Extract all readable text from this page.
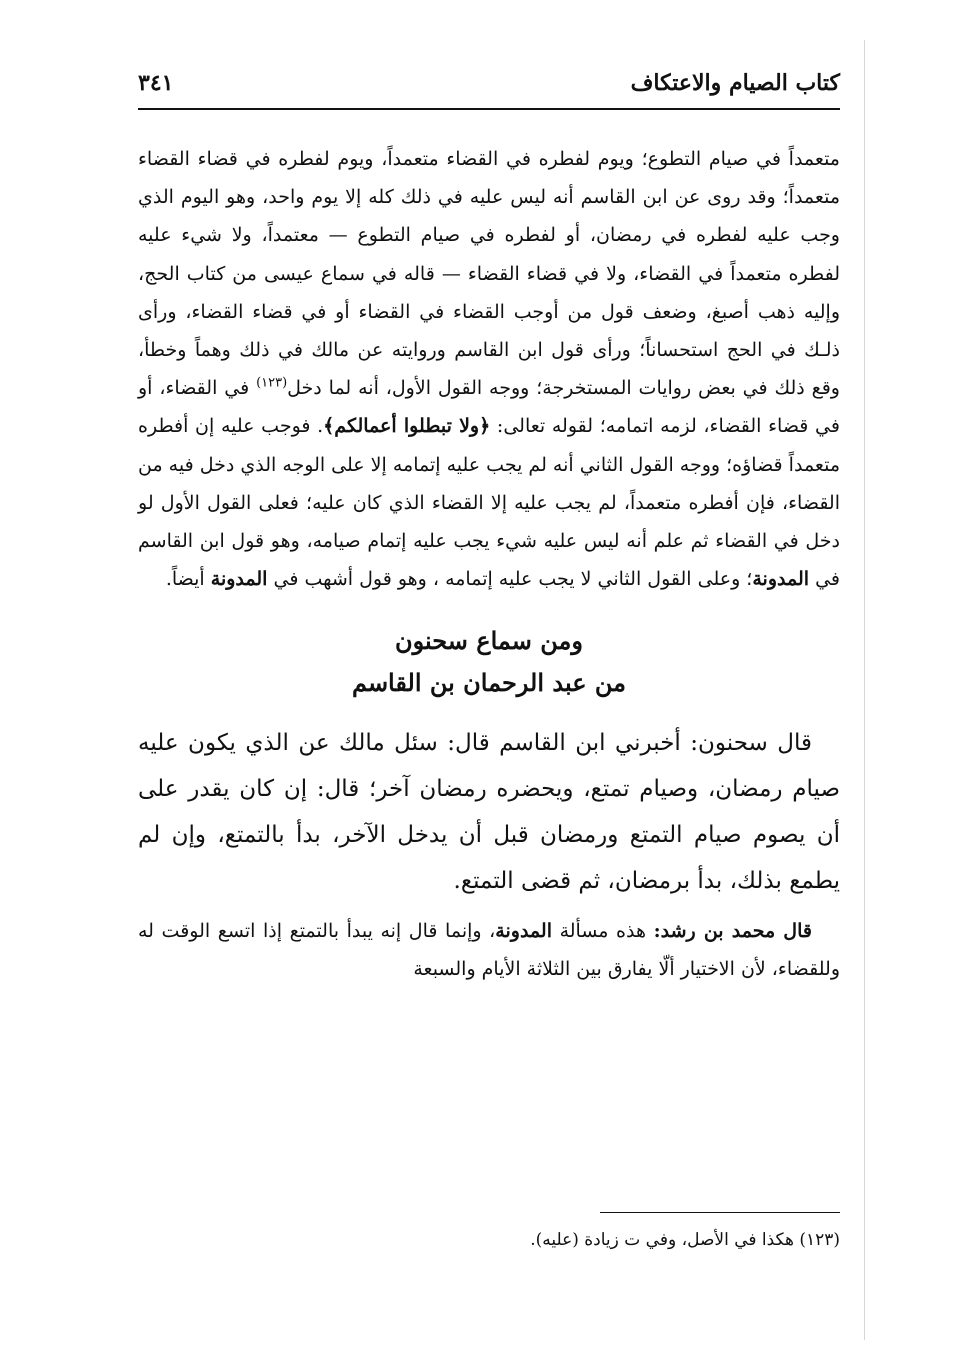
كتاب الصيام والاعتكاف
٣٤١

متعمداً في صيام التطوع؛ ويوم لفطره في القضاء متعمداً، ويوم لفطره في قضاء القضاء متعمداً؛ وقد روى عن ابن القاسم أنه ليس عليه في ذلك كله إلا يوم واحد، وهو اليوم الذي وجب عليه لفطره في رمضان، أو لفطره في صيام التطوع — معتمداً، ولا شيء عليه لفطره متعمداً في القضاء، ولا في قضاء القضاء — قاله في سماع عيسى من كتاب الحج، وإليه ذهب أصبغ، وضعف قول من أوجب القضاء في القضاء أو في قضاء القضاء، ورأى ذلـك في الحج استحساناً؛ ورأى قول ابن القاسم وروايته عن مالك في ذلك وهماً وخطأ، وقع ذلك في بعض روايات المستخرجة؛ ووجه القول الأول، أنه لما دخل$^{(١٢٣)}$ في القضاء، أو في قضاء القضاء، لزمه اتمامه؛ لقوله تعالى: ﴿ولا تبطلوا أعمالكم﴾. فوجب عليه إن أفطره متعمداً قضاؤه؛ ووجه القول الثاني أنه لم يجب عليه إتمامه إلا على الوجه الذي دخل فيه من القضاء، فإن أفطره متعمداً، لم يجب عليه إلا القضاء الذي كان عليه؛ فعلى القول الأول لو دخل في القضاء ثم علم أنه ليس عليه شيء يجب عليه إتمام صيامه، وهو قول ابن القاسم في المدونة؛ وعلى القول الثاني لا يجب عليه إتمامه ، وهو قول أشهب في المدونة أيضاً.

ومن سماع سحنون
من عبد الرحمان بن القاسم

قال سحنون: أخبرني ابن القاسم قال: سئل مالك عن الذي يكون عليه صيام رمضان، وصيام تمتع، ويحضره رمضان آخر؛ قال: إن كان يقدر على أن يصوم صيام التمتع ورمضان قبل أن يدخل الآخر، بدأ بالتمتع، وإن لم يطمع بذلك، بدأ برمضان، ثم قضى التمتع.

قال محمد بن رشد: هذه مسألة المدونة، وإنما قال إنه يبدأ بالتمتع إذا اتسع الوقت له وللقضاء، لأن الاختيار ألّا يفارق بين الثلاثة الأيام والسبعة

(١٢٣) هكذا في الأصل، وفي ت زيادة (عليه).
